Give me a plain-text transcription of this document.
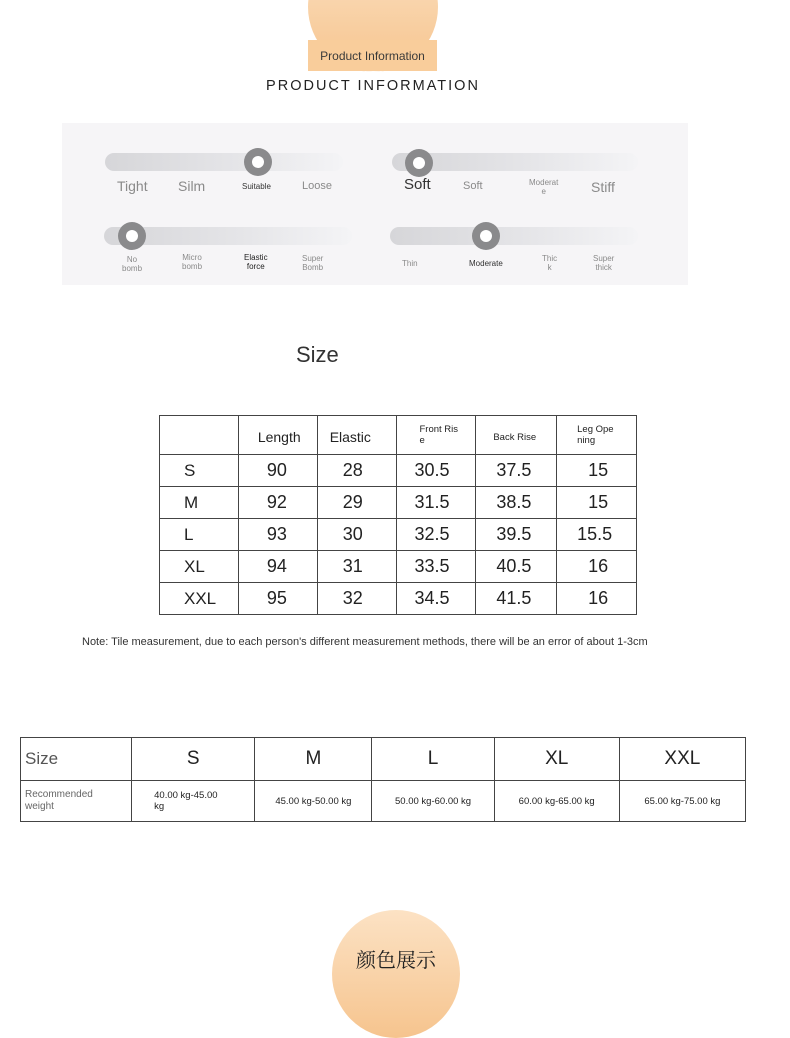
Product Information
PRODUCT INFORMATION
Tight Silm	Suitable	Loose	Soft	Soft	Moderat
e	Stiff
No
bomb
Micro
bomb
Elastic
force
Super
Bomb	Thin	Moderate
Thic
k
Super
thick
Size
	Length	Elastic	Front Ris
e	Back Rise	Leg Ope
ning
S	90	28	30.5	37.5	15
M	92	29	31.5	38.5	15
L	93	30	32.5	39.5	15.5
XL	94	31	33.5	40.5	16
XXL	95	32	34.5	41.5	16
Note: Tile measurement, due to each person's different measurement methods, there will be an error of about 1-3cm
Size	S	M	L	XL	XXL
Recommended
weight	40.00 kg-45.00
kg	45.00 kg-50.00 kg	50.00 kg-60.00 kg	60.00 kg-65.00 kg	65.00 kg-75.00 kg
颜色展示
